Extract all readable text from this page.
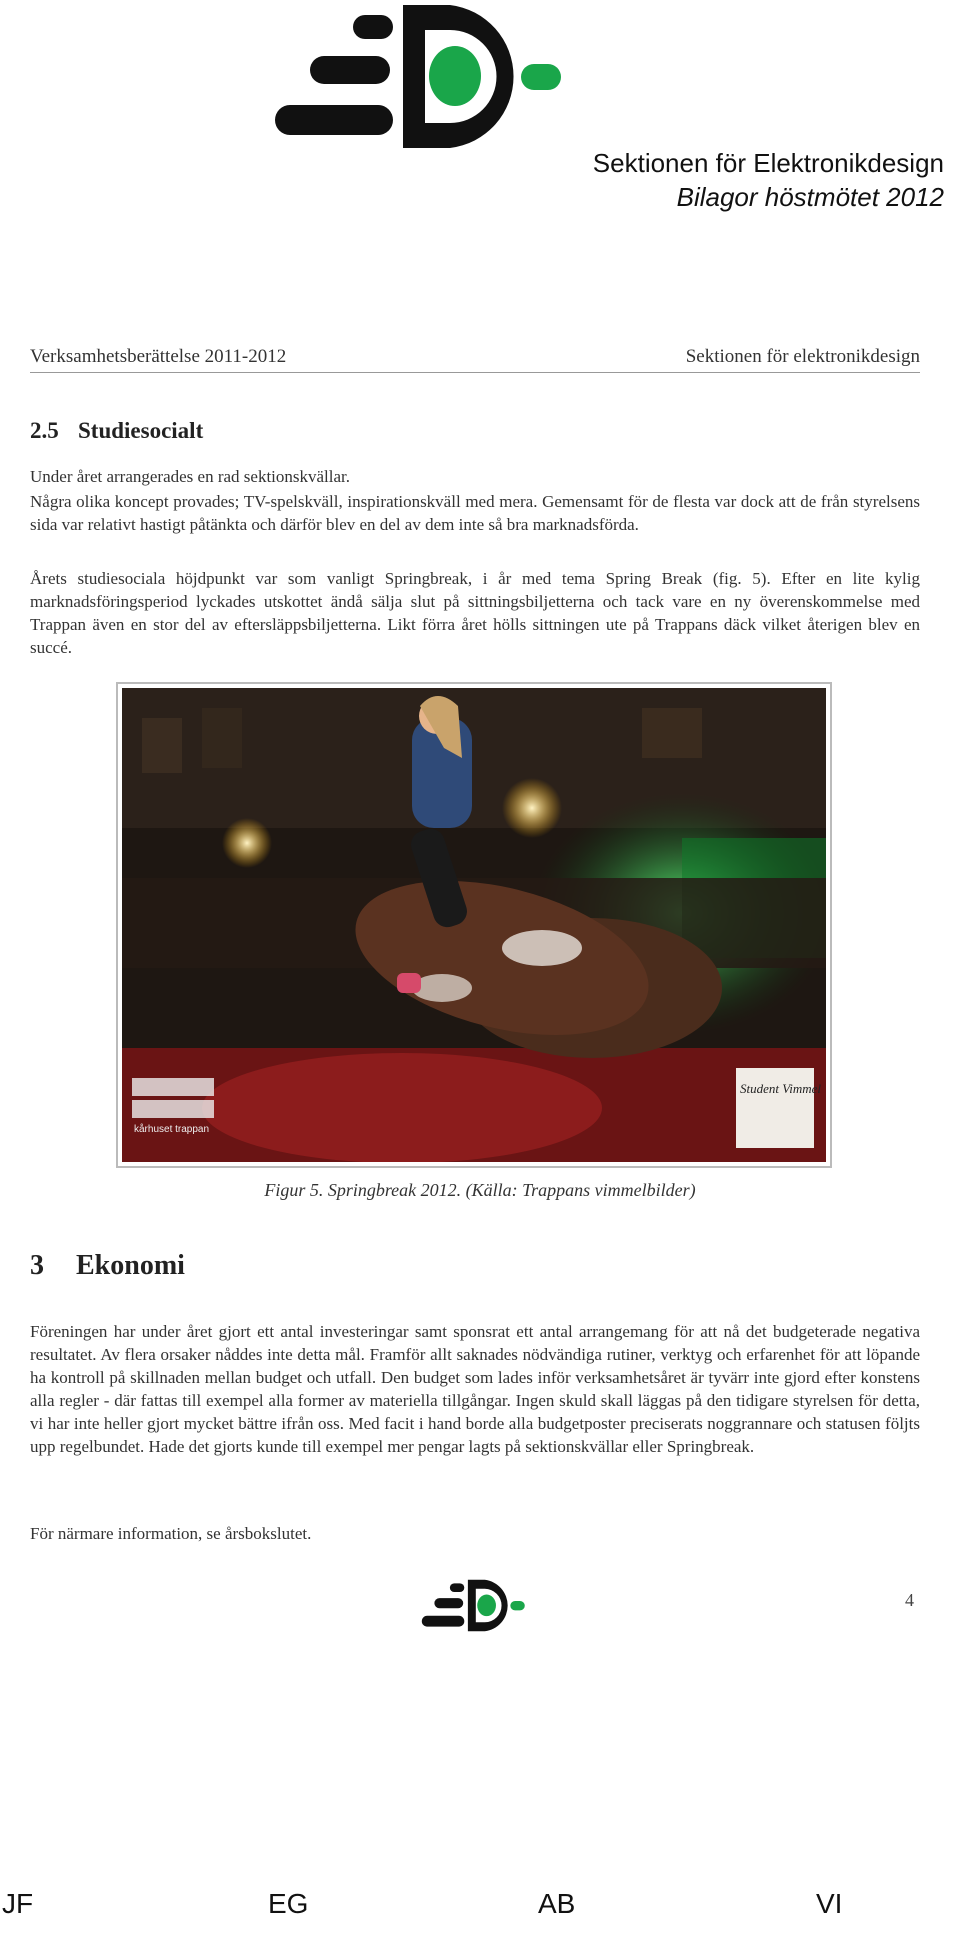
Sektionen för Elektronikdesign
Bilagor höstmötet 2012
Verksamhetsberättelse 2011-2012	Sektionen för elektronikdesign
2.5 Studiesocialt
Under året arrangerades en rad sektionskvällar.
Några olika koncept provades; TV-spelskväll, inspirationskväll med mera. Gemensamt för de flesta var dock att de från styrelsens sida var relativt hastigt påtänkta och därför blev en del av dem inte så bra marknadsförda.
Årets studiesociala höjdpunkt var som vanligt Springbreak, i år med tema Spring Break (fig. 5). Efter en lite kylig marknadsföringsperiod lyckades utskottet ändå sälja slut på sittningsbiljetterna och tack vare en ny överenskommelse med Trappan även en stor del av eftersläppsbiljetterna. Likt förra året hölls sittningen ute på Trappans däck vilket återigen blev en succé.
kårhuset trappan
Student Vimmel
Figur 5. Springbreak 2012. (Källa: Trappans vimmelbilder)
3 Ekonomi
Föreningen har under året gjort ett antal investeringar samt sponsrat ett antal arrangemang för att nå det budgeterade negativa resultatet. Av flera orsaker nåddes inte detta mål. Framför allt saknades nödvändiga rutiner, verktyg och erfarenhet för att löpande ha kontroll på skillnaden mellan budget och utfall. Den budget som lades inför verksamhetsåret är tyvärr inte gjord efter konstens alla regler - där fattas till exempel alla former av materiella tillgångar. Ingen skuld skall läggas på den tidigare styrelsen för detta, vi har inte heller gjort mycket bättre ifrån oss. Med facit i hand borde alla budgetposter preciserats noggrannare och statusen följts upp regelbundet. Hade det gjorts kunde till exempel mer pengar lagts på sektionskvällar eller Springbreak.
För närmare information, se årsbokslutet.
4
JF	EG	AB	VI
